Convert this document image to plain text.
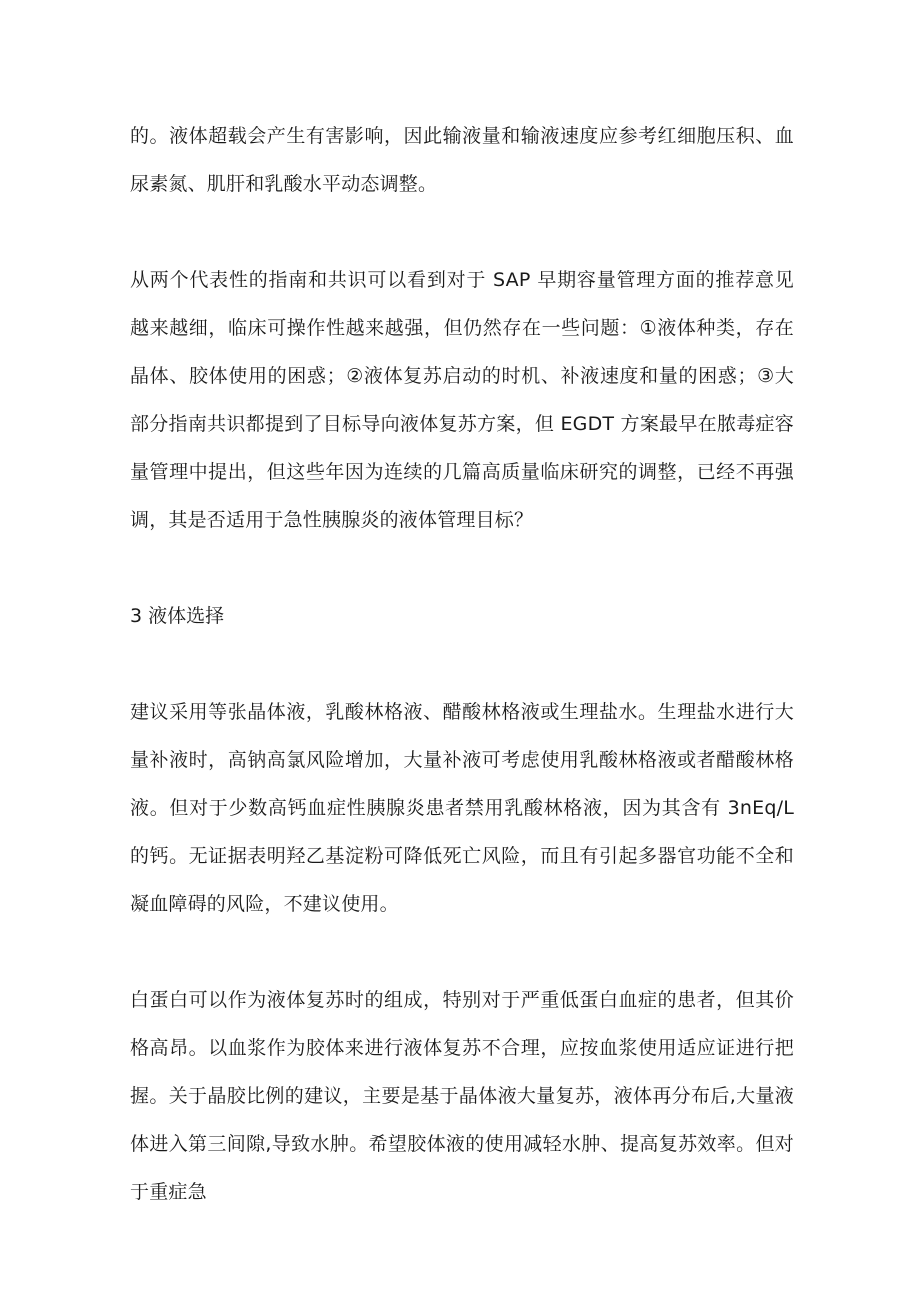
的。液体超载会产生有害影响，因此输液量和输液速度应参考红细胞压积、血尿素氮、肌肝和乳酸水平动态调整。

从两个代表性的指南和共识可以看到对于 SAP 早期容量管理方面的推荐意见越来越细，临床可操作性越来越强，但仍然存在一些问题：①液体种类，存在晶体、胶体使用的困惑；②液体复苏启动的时机、补液速度和量的困惑；③大部分指南共识都提到了目标导向液体复苏方案，但 EGDT 方案最早在脓毒症容量管理中提出，但这些年因为连续的几篇高质量临床研究的调整，已经不再强调，其是否适用于急性胰腺炎的液体管理目标？

3 液体选择

建议采用等张晶体液，乳酸林格液、醋酸林格液或生理盐水。生理盐水进行大量补液时，高钠高氯风险增加，大量补液可考虑使用乳酸林格液或者醋酸林格液。但对于少数高钙血症性胰腺炎患者禁用乳酸林格液，因为其含有 3nEq/L 的钙。无证据表明羟乙基淀粉可降低死亡风险，而且有引起多器官功能不全和凝血障碍的风险，不建议使用。

白蛋白可以作为液体复苏时的组成，特别对于严重低蛋白血症的患者，但其价格高昂。以血浆作为胶体来进行液体复苏不合理，应按血浆使用适应证进行把握。关于晶胶比例的建议，主要是基于晶体液大量复苏，液体再分布后,大量液体进入第三间隙,导致水肿。希望胶体液的使用减轻水肿、提高复苏效率。但对于重症急
